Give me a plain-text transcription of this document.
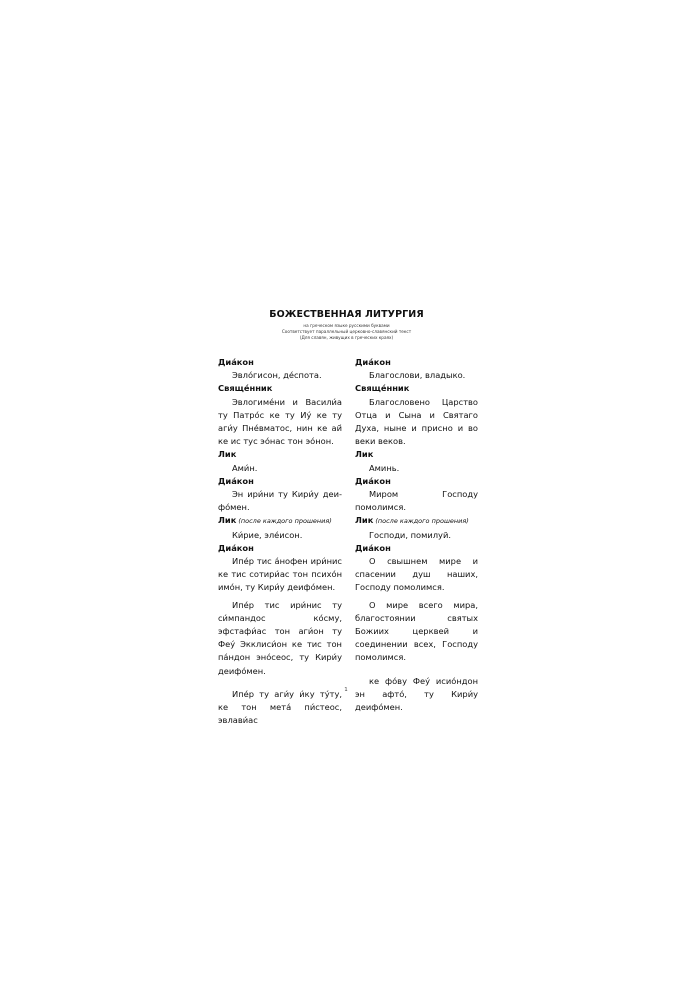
БОЖЕСТВЕННАЯ ЛИТУРГИЯ
на греческом языке русскими буквами
Соответствует параллельный церковно-славянский текст
(Для славян, живущих в греческих краях)

Диа́кон

Эвло́гисон, де́спота.

Свяще́нник

Эвлогиме́ни и Васили́а ту Патро́с ке ту Иу́ ке ту аги́у Пне́вматос, нин ке ай́ ке ис тус эо́нас тон эо́нон.

Лик

Ами́н.

Диа́кон

Эн ири́ни ту Кири́у деи- фо́мен.

Лик (после каждого прошения)

Ки́рие, эле́исон.

Диа́кон

Ипе́р тис а́нофен ири́нис ке тис сотири́ас тон психо́н имо́н, ту Кири́у деифо́мен.

Ипе́р тис ири́нис ту си́мпандос ко́сму, эфстафи́ас тон аги́он ту Феу́ Экклиси́он ке тис тон па́ндон эно́сеос, ту Кири́у деифо́мен.

Ипе́р ту аги́у и́ку ту́ту, ке тон мета́ пи́стеос, эвлави́ас

Диа́кон

Благослови, владыко.

Свяще́нник

Благословено Царство Отца и Сына и Святаго Духа, ныне и присно и во веки веков.

Лик

Аминь.

Диа́кон

Миром Господу помолимся.

Лик (после каждого прошения)

Господи, помилуй.

Диа́кон

О свышнем мире и спасении душ наших, Господу помолимся.

О мире всего мира, благостоянии святых Божиих церквей и соединении всех, Господу помолимся.

ке фо́ву Феу́ исио́ндон эн афто́, ту Кири́у деифо́мен.

1
